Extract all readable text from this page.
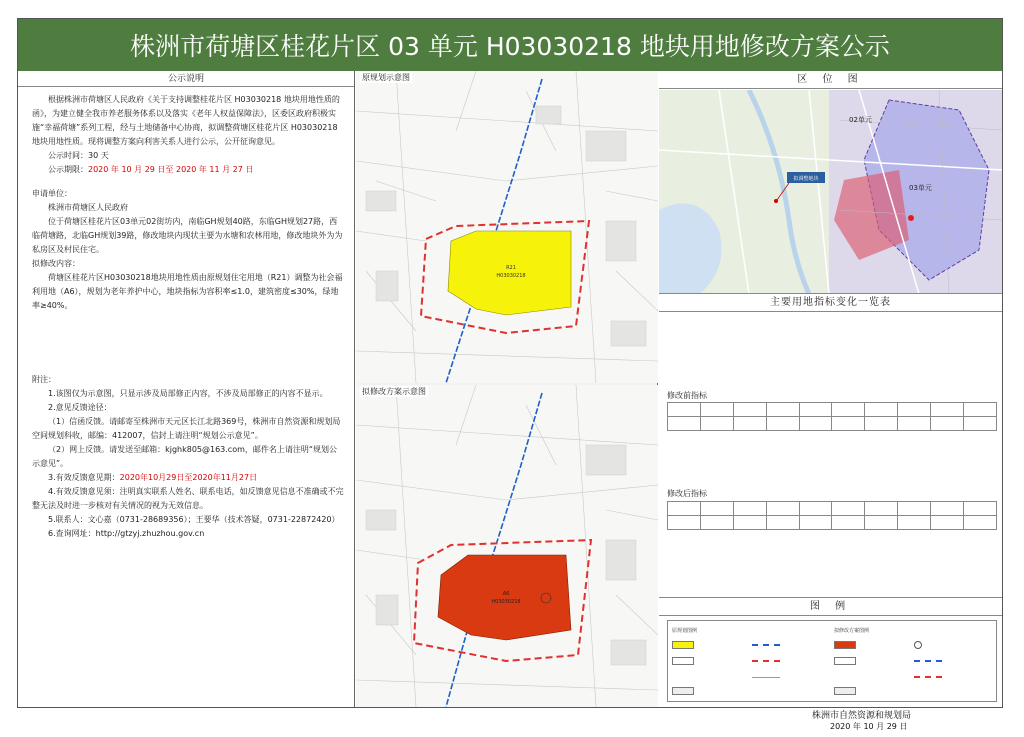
株洲市荷塘区桂花片区 03 单元 H03030218 地块用地修改方案公示
公示说明

根据株洲市荷塘区人民政府《关于支持调整桂花片区 H03030218 地块用地性质的函》，为建立健全我市养老服务体系以及落实《老年人权益保障法》，区委区政府积极实施“幸福荷塘”系列工程，经与土地储备中心协商，拟调整荷塘区桂花片区 H03030218 地块用地性质。现将调整方案向利害关系人进行公示，公开征询意见。

公示时间：30 天

公示期限：2020 年 10 月 29 日至 2020 年 11 月 27 日

申请单位：

株洲市荷塘区人民政府

位于荷塘区桂花片区03单元02街坊内，南临GH规划40路，东临GH规划27路，西临荷塘路，北临GH规划39路，修改地块内现状主要为水塘和农林用地，修改地块外为为私房区及村民住宅。

拟修改内容：

荷塘区桂花片区H03030218地块用地性质由原规划住宅用地（R21）调整为社会福利用地（A6），规划为老年养护中心，地块指标为容积率≤1.0，建筑密度≤30%，绿地率≥40%。

附注：

1.该图仅为示意图，只显示涉及局部修正内容，不涉及局部修正的内容不显示。

2.意见反馈途径：

（1）信函反馈。请邮寄至株洲市天元区长江北路369号，株洲市自然资源和规划局空间规划科收，邮编：412007，信封上请注明“规划公示意见”。

（2）网上反馈。请发送至邮箱：kjghk805@163.com，邮件名上请注明“规划公示意见”。

3.有效反馈意见期：2020年10月29日至2020年11月27日

4.有效反馈意见须：注明真实联系人姓名、联系电话，如反馈意见信息不准确或不完整无法及时进一步核对有关情况的视为无效信息。

5.联系人：文心嘉（0731-28689356）；王要华（技术答疑，0731-22872420）

6.查询网址：http://gtzyj.zhuzhou.gov.cn

原规划示意图
R21
H03030218
拟修改方案示意图
A6
H03030218
区 位 图
拟调整地块
02单元
03单元
主要用地指标变化一览表
修改前指标

修改后指标

图 例
原规划图例	拟修改方案图例
株洲市自然资源和规划局
2020 年 10 月 29 日
